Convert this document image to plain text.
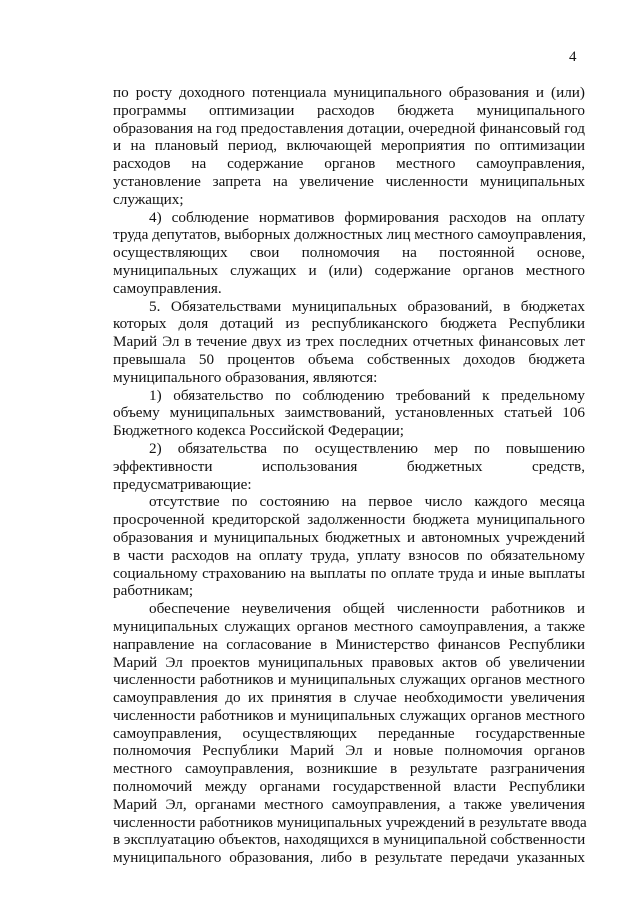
4
по росту доходного потенциала муниципального образования и (или)
программы оптимизации расходов бюджета муниципального
образования на год предоставления дотации, очередной финансовый год
и на плановый период, включающей мероприятия по оптимизации
расходов на содержание органов местного самоуправления,
установление запрета на увеличение численности муниципальных
служащих;
4) соблюдение нормативов формирования расходов на оплату
труда депутатов, выборных должностных лиц местного самоуправления,
осуществляющих свои полномочия на постоянной основе,
муниципальных служащих и (или) содержание органов местного
самоуправления.
5. Обязательствами муниципальных образований, в бюджетах
которых доля дотаций из республиканского бюджета Республики
Марий Эл в течение двух из трех последних отчетных финансовых лет
превышала 50 процентов объема собственных доходов бюджета
муниципального образования, являются:
1) обязательство по соблюдению требований к предельному
объему муниципальных заимствований, установленных статьей 106
Бюджетного кодекса Российской Федерации;
2) обязательства по осуществлению мер по повышению
эффективности использования бюджетных средств,
предусматривающие:
отсутствие по состоянию на первое число каждого месяца
просроченной кредиторской задолженности бюджета муниципального
образования и муниципальных бюджетных и автономных учреждений
в части расходов на оплату труда, уплату взносов по обязательному
социальному страхованию на выплаты по оплате труда и иные выплаты
работникам;
обеспечение неувеличения общей численности работников и
муниципальных служащих органов местного самоуправления, а также
направление на согласование в Министерство финансов Республики
Марий Эл проектов муниципальных правовых актов об увеличении
численности работников и муниципальных служащих органов местного
самоуправления до их принятия в случае необходимости увеличения
численности работников и муниципальных служащих органов местного
самоуправления, осуществляющих переданные государственные
полномочия Республики Марий Эл и новые полномочия органов
местного самоуправления, возникшие в результате разграничения
полномочий между органами государственной власти Республики
Марий Эл, органами местного самоуправления, а также увеличения
численности работников муниципальных учреждений в результате ввода
в эксплуатацию объектов, находящихся в муниципальной собственности
муниципального образования, либо в результате передачи указанных
